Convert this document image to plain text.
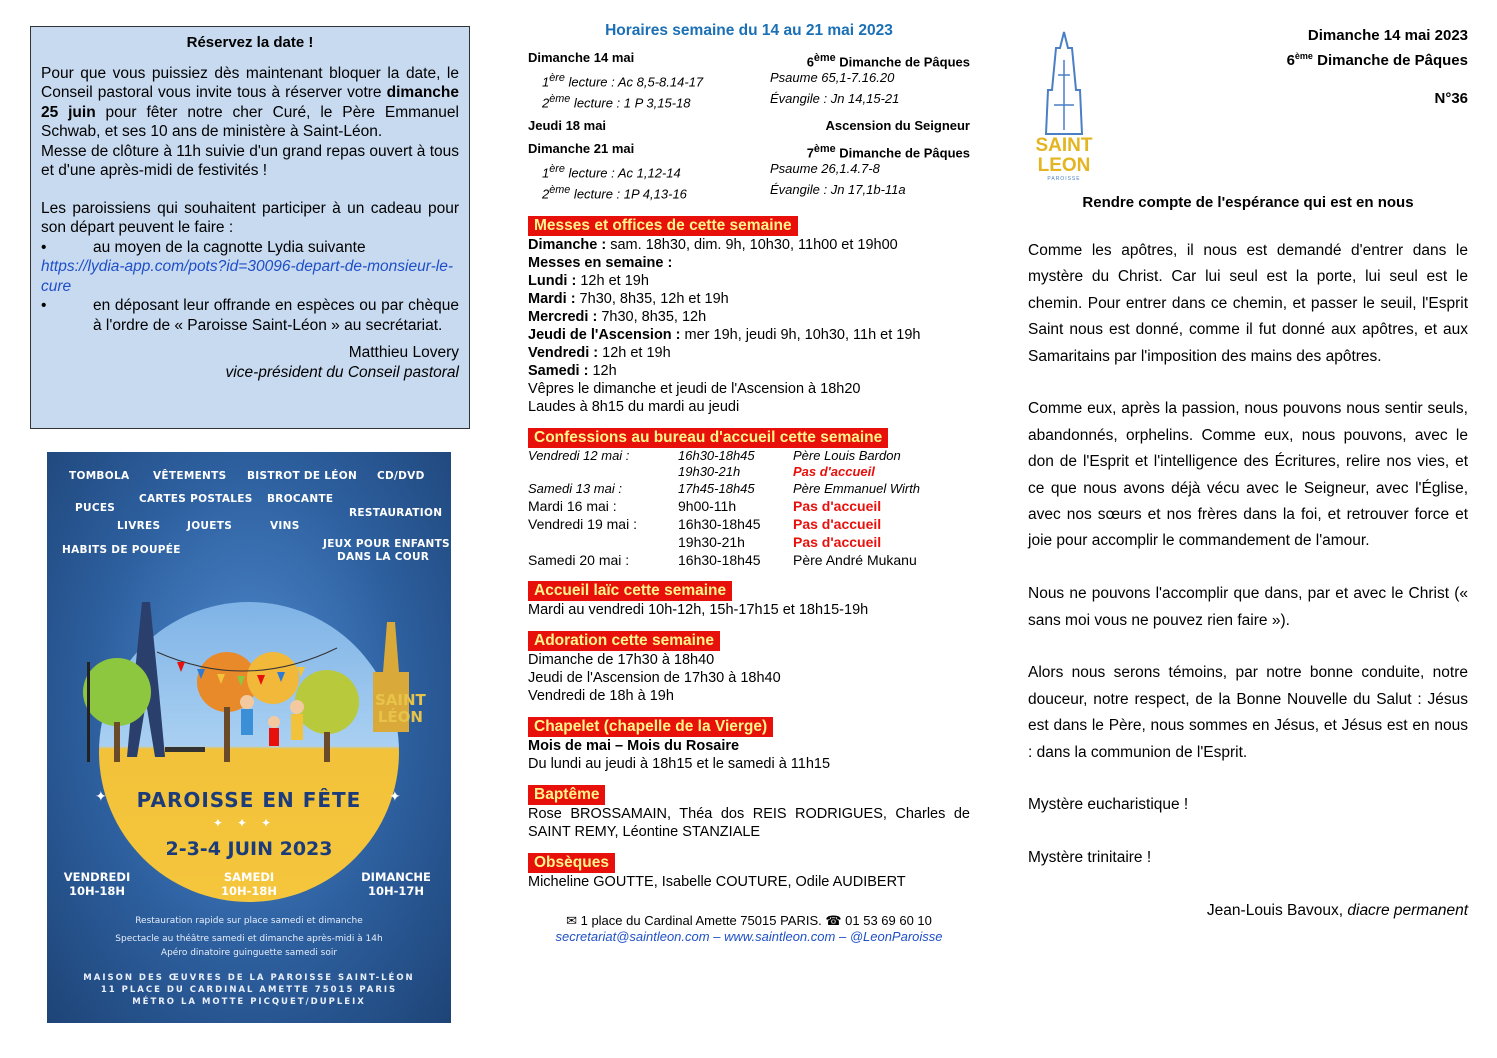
Réservez la date !

Pour que vous puissiez dès maintenant bloquer la date, le Conseil pastoral vous invite tous à réserver votre dimanche 25 juin pour fêter notre cher Curé, le Père Emmanuel Schwab, et ses 10 ans de ministère à Saint-Léon.

Messe de clôture à 11h suivie d'un grand repas ouvert à tous et d'une après-midi de festivités !

Les paroissiens qui souhaitent participer à un cadeau pour son départ peuvent le faire :

•	au moyen de la cagnotte Lydia suivante
https://lydia-app.com/pots?id=30096-depart-de-monsieur-le-cure
•	en déposant leur offrande en espèces ou par chèque à l'ordre de « Paroisse Saint-Léon » au secrétariat.
Matthieu Lovery
vice-président du Conseil pastoral
TOMBOLA VÊTEMENTS BISTROT DE LÉON CD/DVD
PUCES
CARTES POSTALES BROCANTE
RESTAURATION
LIVRES	JOUETS	VINS
HABITS DE POUPÉE	JEUX POUR ENFANTS
DANS LA COUR
SAINT
LÉON
✦	✦
PAROISSE EN FÊTE
✦✦✦
2-3-4 JUIN 2023
VENDREDI
10H-18H
SAMEDI
10H-18H
DIMANCHE
10H-17H
Restauration rapide sur place samedi et dimanche
Spectacle au théâtre samedi et dimanche après-midi à 14h
Apéro dinatoire guinguette samedi soir
MAISON DES ŒUVRES DE LA PAROISSE SAINT-LÉON
11 PLACE DU CARDINAL AMETTE 75015 PARIS
MÉTRO LA MOTTE PICQUET/DUPLEIX
Horaires semaine du 14 au 21 mai 2023
Dimanche 14 mai	6ème Dimanche de Pâques
1ère lecture : Ac 8,5-8.14-17	Psaume 65,1-7.16.20
2ème lecture : 1 P 3,15-18	Évangile : Jn 14,15-21
Jeudi 18 mai	Ascension du Seigneur
Dimanche 21 mai	7ème Dimanche de Pâques
1ère lecture : Ac 1,12-14	Psaume 26,1.4.7-8
2ème lecture : 1P 4,13-16	Évangile : Jn 17,1b-11a
Messes et offices de cette semaine
Dimanche : sam. 18h30, dim. 9h, 10h30, 11h00 et 19h00
Messes en semaine :
Lundi : 12h et 19h
Mardi : 7h30, 8h35, 12h et 19h
Mercredi : 7h30, 8h35, 12h
Jeudi de l'Ascension : mer 19h, jeudi 9h, 10h30, 11h et 19h
Vendredi : 12h et 19h
Samedi : 12h
Vêpres le dimanche et jeudi de l'Ascension à 18h20
Laudes à 8h15 du mardi au jeudi
Confessions au bureau d'accueil cette semaine
Vendredi 12 mai :	16h30-18h45	Père Louis Bardon
19h30-21h	Pas d'accueil
Samedi 13 mai :	17h45-18h45	Père Emmanuel Wirth
Mardi 16 mai :	9h00-11h	Pas d'accueil
Vendredi 19 mai :	16h30-18h45	Pas d'accueil
19h30-21h	Pas d'accueil
Samedi 20 mai :	16h30-18h45	Père André Mukanu
Accueil laïc cette semaine
Mardi au vendredi 10h-12h, 15h-17h15 et 18h15-19h
Adoration cette semaine
Dimanche de 17h30 à 18h40
Jeudi de l'Ascension de 17h30 à 18h40
Vendredi de 18h à 19h
Chapelet (chapelle de la Vierge)
Mois de mai – Mois du Rosaire
Du lundi au jeudi à 18h15 et le samedi à 11h15
Baptême
Rose BROSSAMAIN, Théa dos REIS RODRIGUES, Charles de SAINT REMY, Léontine STANZIALE
Obsèques
Micheline GOUTTE, Isabelle COUTURE, Odile AUDIBERT
✉ 1 place du Cardinal Amette 75015 PARIS. ☎ 01 53 69 60 10
secretariat@saintleon.com – www.saintleon.com – @LeonParoisse
SAINT
LEON
PAROISSE
Dimanche 14 mai 2023
6ème Dimanche de Pâques
N°36
Rendre compte de l'espérance qui est en nous

Comme les apôtres, il nous est demandé d'entrer dans le mystère du Christ. Car lui seul est la porte, lui seul est le chemin. Pour entrer dans ce chemin, et passer le seuil, l'Esprit Saint nous est donné, comme il fut donné aux apôtres, et aux Samaritains par l'imposition des mains des apôtres.

Comme eux, après la passion, nous pouvons nous sentir seuls, abandonnés, orphelins. Comme eux, nous pouvons, avec le don de l'Esprit et l'intelligence des Écritures, relire nos vies, et ce que nous avons déjà vécu avec le Seigneur, avec l'Église, avec nos sœurs et nos frères dans la foi, et retrouver force et joie pour accomplir le commandement de l'amour.

Nous ne pouvons l'accomplir que dans, par et avec le Christ (« sans moi vous ne pouvez rien faire »).

Alors nous serons témoins, par notre bonne conduite, notre douceur, notre respect, de la Bonne Nouvelle du Salut : Jésus est dans le Père, nous sommes en Jésus, et Jésus est en nous : dans la communion de l'Esprit.

Mystère eucharistique !

Mystère trinitaire !

Jean-Louis Bavoux, diacre permanent
